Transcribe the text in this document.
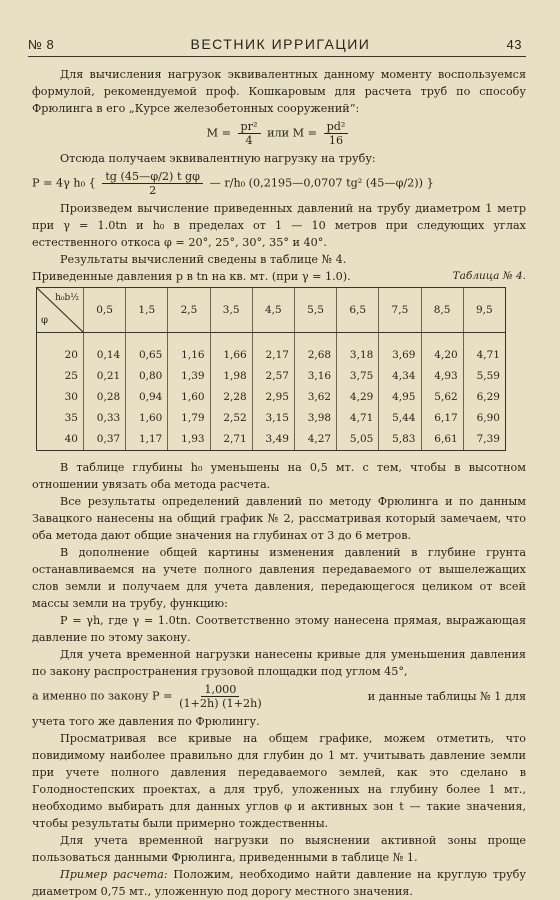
№ 8	ВЕСТНИК ИРРИГАЦИИ	43

Для вычисления нагрузок эквивалентных данному моменту воспользуемся формулой, рекомендуемой проф. Кошкаровым для расчета труб по способу Фрюлинга в его „Курсе железобетонных сооружений“:

$M = \frac{\text{pr²}}{4}$ или $M = \frac{\text{pd²}}{16}$

Отсюда получаем эквивалентную нагрузку на трубу:

P = 4γ h₀ { $\frac{\text{tg (45—φ/2) t gφ}}{2}$ — r/h₀ (0,2195—0,0707 tg² (45—φ/2)) }

Произведем вычисление приведенных давлений на трубу диаметром 1 метр при γ = 1.0tn и h₀ в пределах от 1 — 10 метров при следующих углах естественного откоса φ = 20°, 25°, 30°, 35° и 40°.

Результаты вычислений сведены в таблице № 4.

Приведенные давления p в tn на кв. мт. (при γ = 1.0).	Таблица № 4.
h₀b½
φ	0,5	1,5	2,5	3,5	4,5	5,5	6,5	7,5	8,5	9,5
20	0,14	0,65	1,16	1,66	2,17	2,68	3,18	3,69	4,20	4,71
25	0,21	0,80	1,39	1,98	2,57	3,16	3,75	4,34	4,93	5,59
30	0,28	0,94	1,60	2,28	2,95	3,62	4,29	4,95	5,62	6,29
35	0,33	1,60	1,79	2,52	3,15	3,98	4,71	5,44	6,17	6,90
40	0,37	1,17	1,93	2,71	3,49	4,27	5,05	5,83	6,61	7,39

В таблице глубины h₀ уменьшены на 0,5 мт. с тем, чтобы в высотном отношении увязать оба метода расчета.

Все результаты определений давлений по методу Фрюлинга и по данным Завацкого нанесены на общий график № 2, рассматривая который замечаем, что оба метода дают общие значения на глубинах от 3 до 6 метров.

В дополнение общей картины изменения давлений в глубине грунта останавливаемся на учете полного давления передаваемого от вышележащих слов земли и получаем для учета давления, передающегося целиком от всей массы земли на трубу, функцию:

P = γh, где γ = 1.0tn. Соответственно этому нанесена прямая, выражающая давление по этому закону.

Для учета временной нагрузки нанесены кривые для уменьшения давления по закону распространения грузовой площадки под углом 45°,

а именно по закону $P = \frac{1,000}{(1+2h) (1+2h)}$	и данные таблицы № 1 для

учета того же давления по Фрюлингу.

Просматривая все кривые на общем графике, можем отметить, что повидимому наиболее правильно для глубин до 1 мт. учитывать давление земли при учете полного давления передаваемого землей, как это сделано в Голодностепских проектах, а для труб, уложенных на глубину более 1 мт., необходимо выбирать для данных углов φ и активных зон t — такие значения, чтобы результаты были примерно тождественны.

Для учета временной нагрузки по выяснении активной зоны проще пользоваться данными Фрюлинга, приведенными в таблице № 1.

Пример расчета: Положим, необходимо найти давление на круглую трубу диаметром 0,75 мт., уложенную под дорогу местного значения.
